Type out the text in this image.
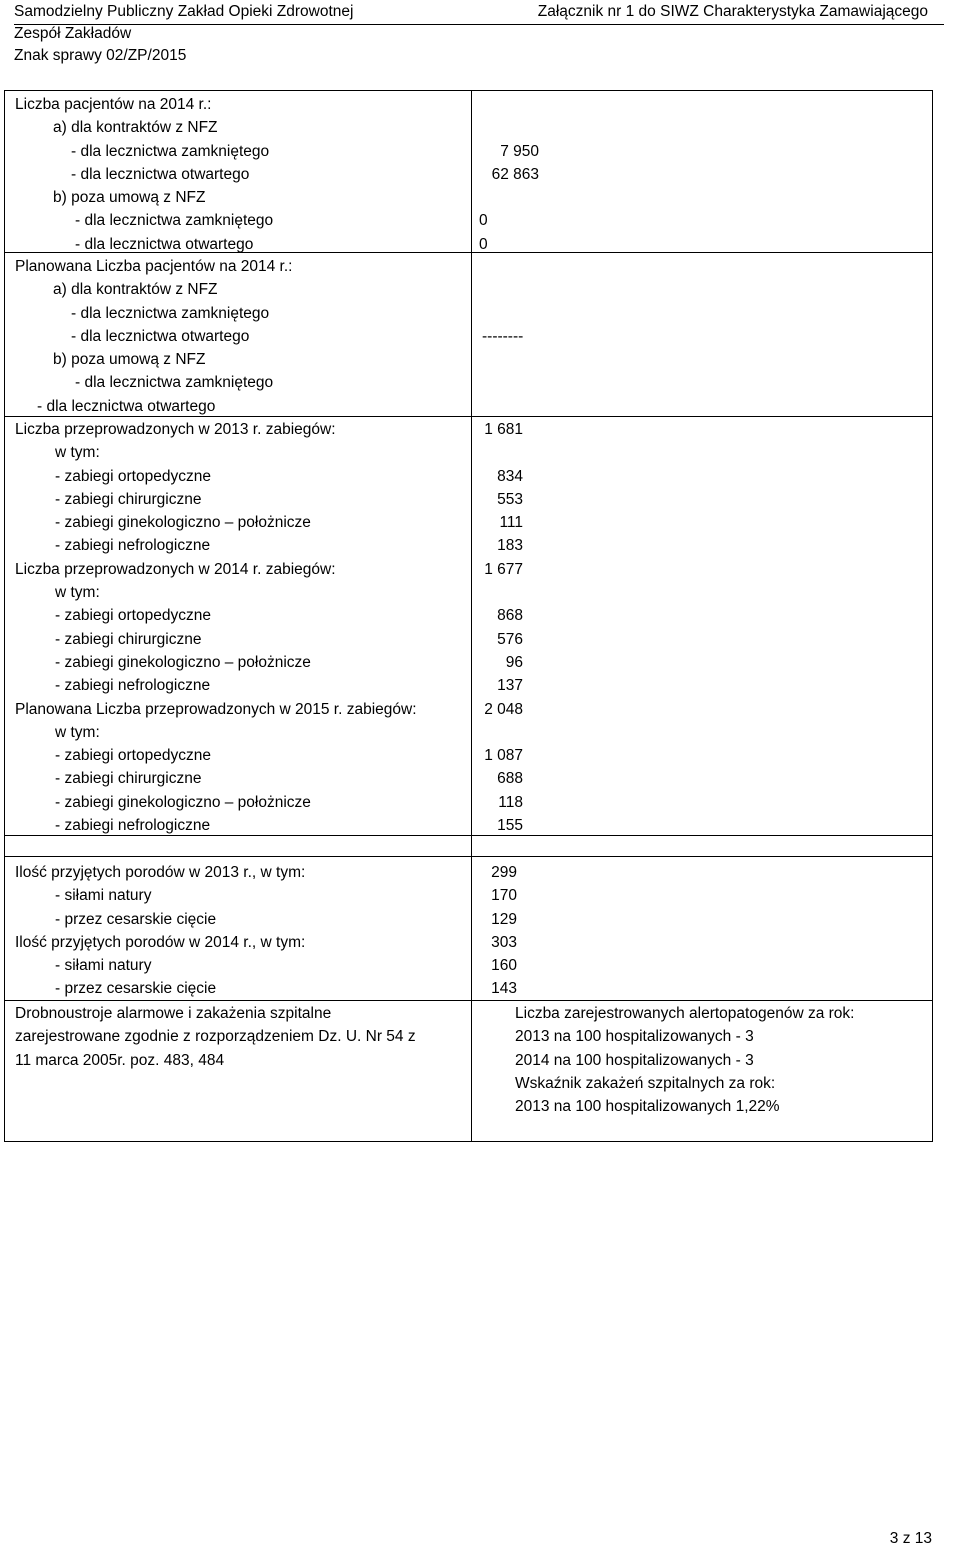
Samodzielny Publiczny Zakład Opieki Zdrowotnej
Zespół Zakładów
Znak sprawy 02/ZP/2015
Załącznik nr 1 do SIWZ Charakterystyka Zamawiającego
Liczba pacjentów na 2014 r.:
a) dla kontraktów z NFZ
- dla lecznictwa zamkniętego
- dla lecznictwa otwartego
b) poza umową z NFZ
- dla lecznictwa zamkniętego
- dla lecznictwa otwartego
7 950
62 863
0
0
Planowana Liczba pacjentów na 2014 r.:
a) dla kontraktów z NFZ
- dla lecznictwa zamkniętego
- dla lecznictwa otwartego
b) poza umową z NFZ
- dla lecznictwa zamkniętego
- dla lecznictwa otwartego
--------
Liczba przeprowadzonych w 2013 r. zabiegów:
w tym:
- zabiegi ortopedyczne
- zabiegi chirurgiczne
- zabiegi ginekologiczno – położnicze
- zabiegi nefrologiczne
Liczba przeprowadzonych w 2014 r. zabiegów:
w tym:
- zabiegi ortopedyczne
- zabiegi chirurgiczne
- zabiegi ginekologiczno – położnicze
- zabiegi nefrologiczne
Planowana Liczba przeprowadzonych w 2015 r. zabiegów:
w tym:
- zabiegi ortopedyczne
- zabiegi chirurgiczne
- zabiegi ginekologiczno – położnicze
- zabiegi nefrologiczne
1 681
834
553
111
183
1 677
868
576
96
137
2 048
1 087
688
118
155
Ilość przyjętych porodów w 2013 r., w tym:
- siłami natury
- przez cesarskie cięcie
Ilość przyjętych porodów w 2014 r., w tym:
- siłami natury
- przez cesarskie cięcie
299
170
129
303
160
143
Drobnoustroje alarmowe i zakażenia szpitalne
zarejestrowane zgodnie z rozporządzeniem Dz. U. Nr 54 z
11 marca 2005r. poz. 483, 484
Liczba zarejestrowanych alertopatogenów za rok:
2013 na 100 hospitalizowanych - 3
2014 na 100 hospitalizowanych - 3
Wskaźnik zakażeń szpitalnych za rok:
2013 na 100 hospitalizowanych 1,22%
3 z 13
